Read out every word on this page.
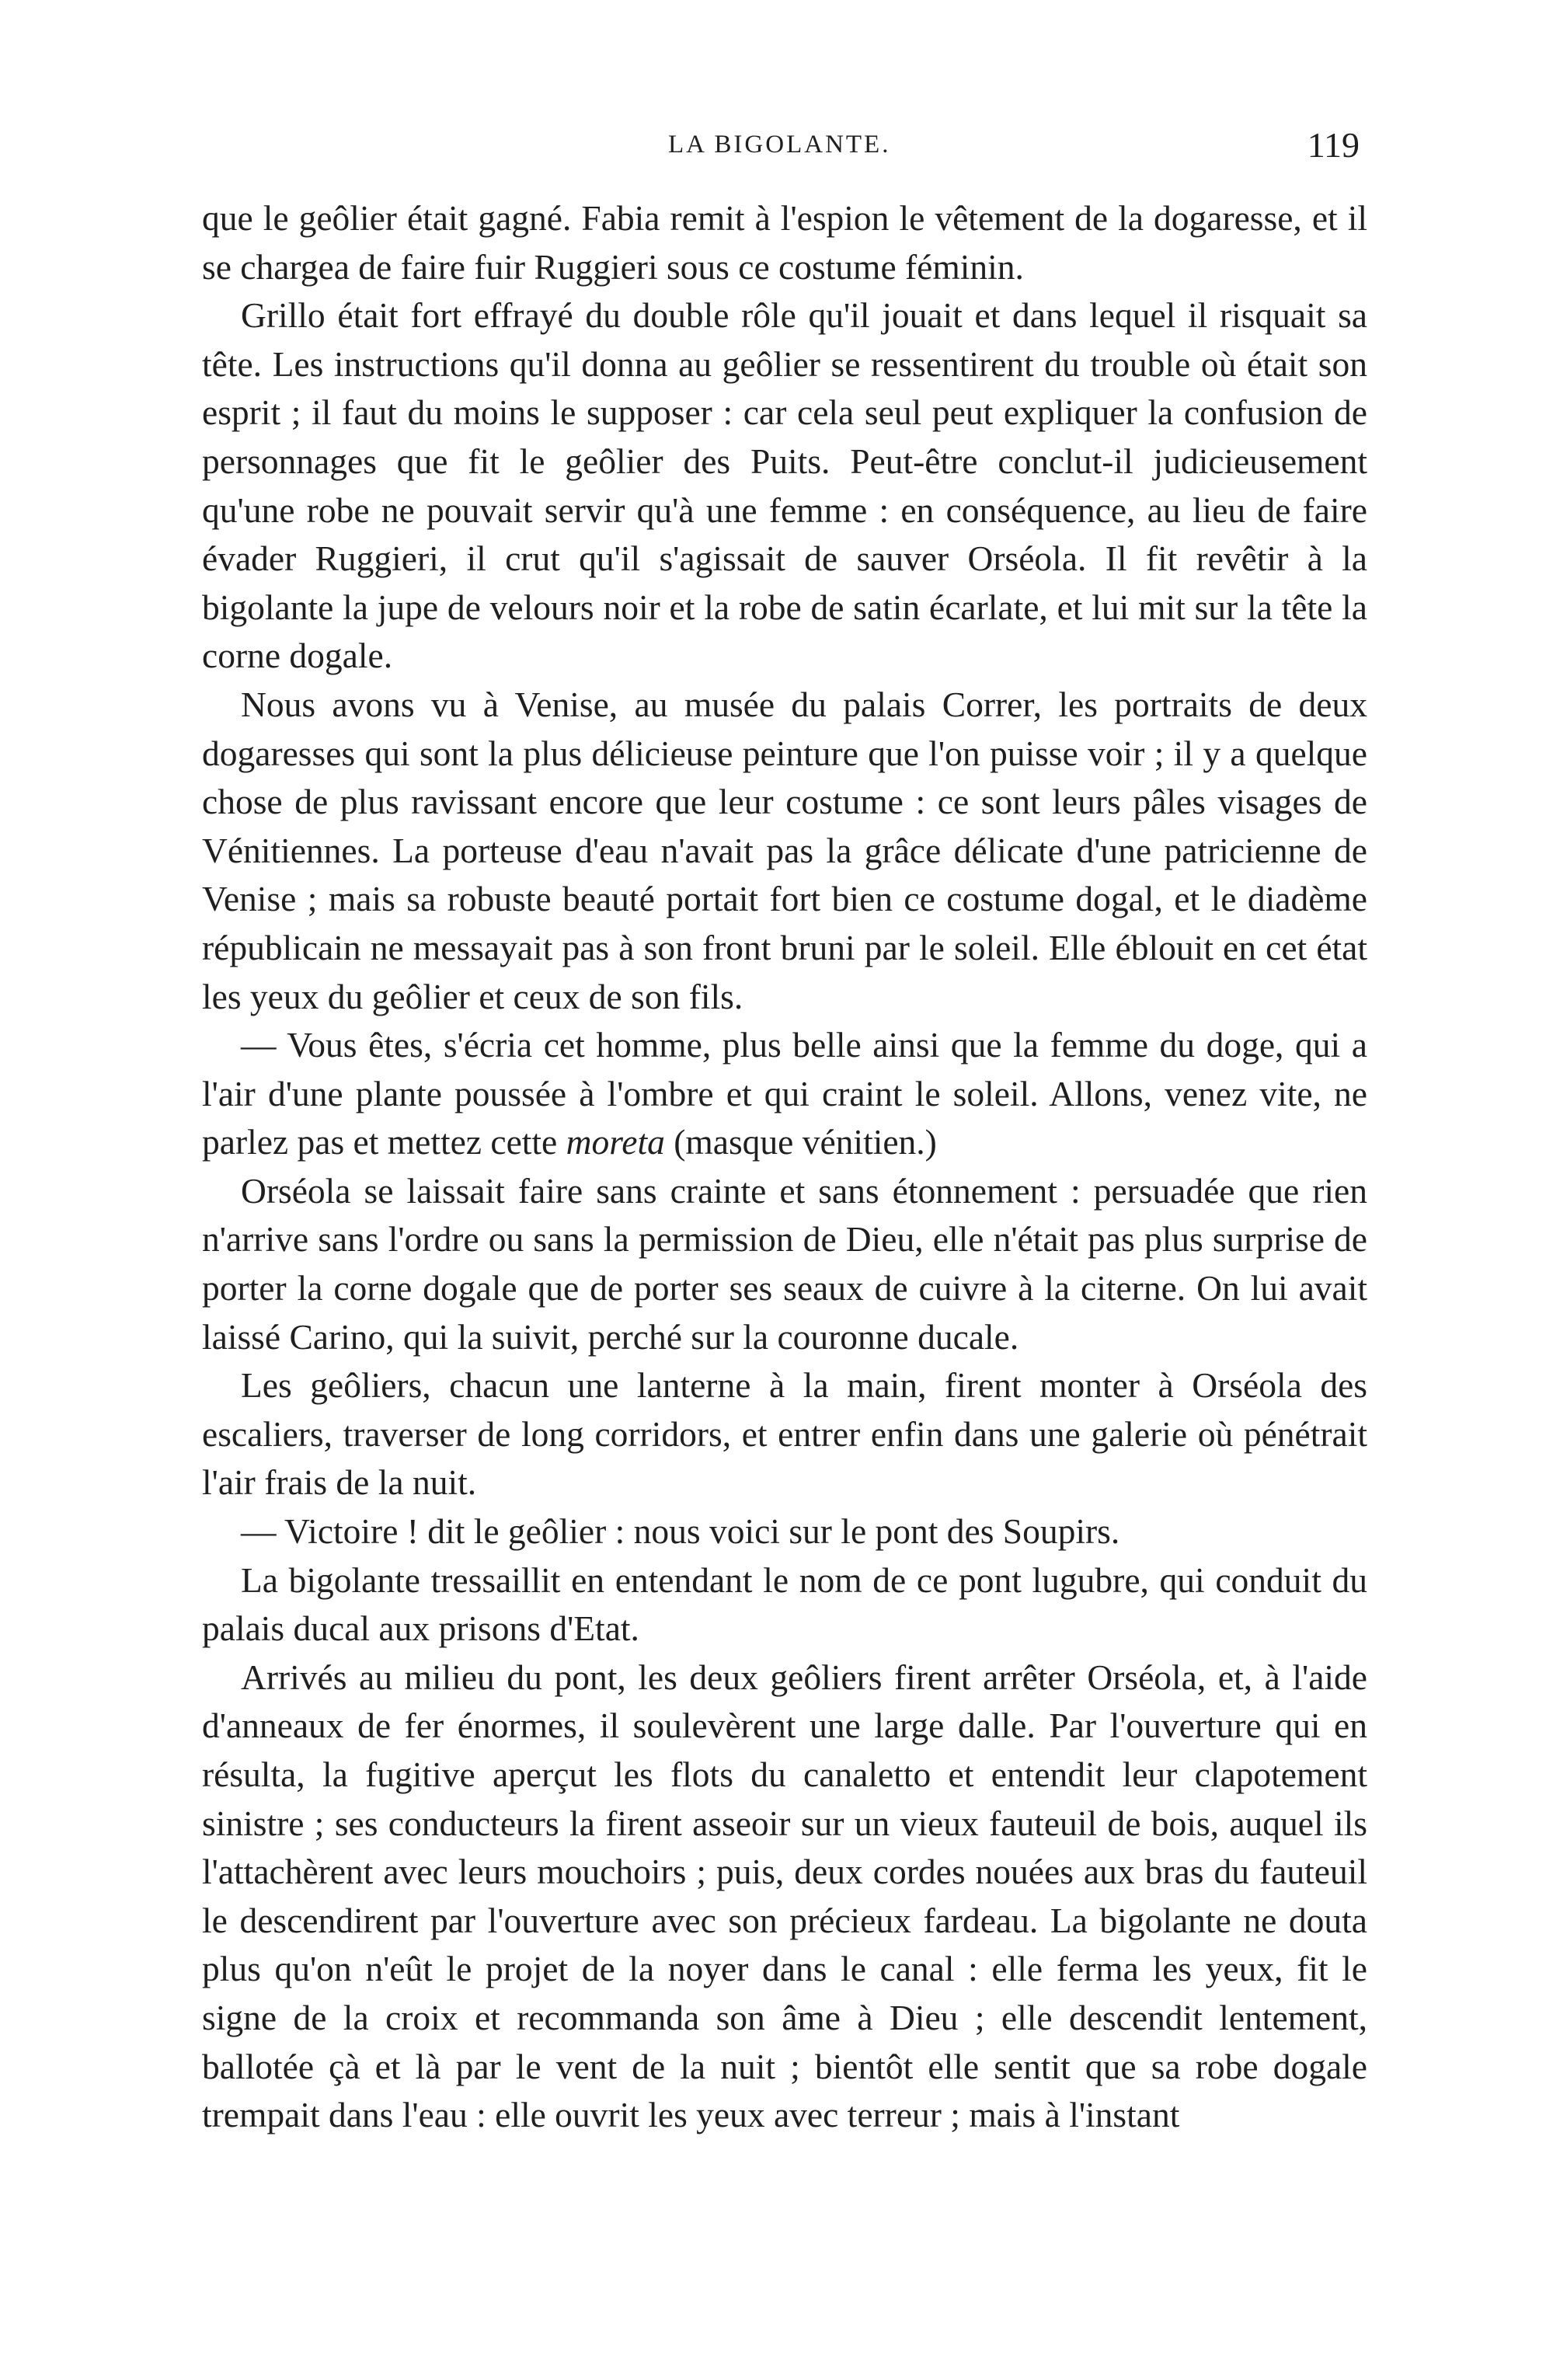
LA BIGOLANTE.	119

que le geôlier était gagné. Fabia remit à l'espion le vêtement de la dogaresse, et il se chargea de faire fuir Ruggieri sous ce costume féminin.

Grillo était fort effrayé du double rôle qu'il jouait et dans lequel il risquait sa tête. Les instructions qu'il donna au geôlier se ressentirent du trouble où était son esprit ; il faut du moins le supposer : car cela seul peut expliquer la confusion de personnages que fit le geôlier des Puits. Peut-être conclut-il judicieusement qu'une robe ne pouvait servir qu'à une femme : en conséquence, au lieu de faire évader Ruggieri, il crut qu'il s'agissait de sauver Orséola. Il fit revêtir à la bigolante la jupe de velours noir et la robe de satin écarlate, et lui mit sur la tête la corne dogale.

Nous avons vu à Venise, au musée du palais Correr, les portraits de deux dogaresses qui sont la plus délicieuse peinture que l'on puisse voir ; il y a quelque chose de plus ravissant encore que leur costume : ce sont leurs pâles visages de Vénitiennes. La porteuse d'eau n'avait pas la grâce délicate d'une patricienne de Venise ; mais sa robuste beauté portait fort bien ce costume dogal, et le diadème républicain ne messayait pas à son front bruni par le soleil. Elle éblouit en cet état les yeux du geôlier et ceux de son fils.

— Vous êtes, s'écria cet homme, plus belle ainsi que la femme du doge, qui a l'air d'une plante poussée à l'ombre et qui craint le soleil. Allons, venez vite, ne parlez pas et mettez cette moreta (masque vénitien.)

Orséola se laissait faire sans crainte et sans étonnement : persuadée que rien n'arrive sans l'ordre ou sans la permission de Dieu, elle n'était pas plus surprise de porter la corne dogale que de porter ses seaux de cuivre à la citerne. On lui avait laissé Carino, qui la suivit, perché sur la couronne ducale.

Les geôliers, chacun une lanterne à la main, firent monter à Orséola des escaliers, traverser de long corridors, et entrer enfin dans une galerie où pénétrait l'air frais de la nuit.

— Victoire ! dit le geôlier : nous voici sur le pont des Soupirs.

La bigolante tressaillit en entendant le nom de ce pont lugubre, qui conduit du palais ducal aux prisons d'Etat.

Arrivés au milieu du pont, les deux geôliers firent arrêter Orséola, et, à l'aide d'anneaux de fer énormes, il soulevèrent une large dalle. Par l'ouverture qui en résulta, la fugitive aperçut les flots du canaletto et entendit leur clapotement sinistre ; ses conducteurs la firent asseoir sur un vieux fauteuil de bois, auquel ils l'attachèrent avec leurs mouchoirs ; puis, deux cordes nouées aux bras du fauteuil le descendirent par l'ouverture avec son précieux fardeau. La bigolante ne douta plus qu'on n'eût le projet de la noyer dans le canal : elle ferma les yeux, fit le signe de la croix et recommanda son âme à Dieu ; elle descendit lentement, ballotée çà et là par le vent de la nuit ; bientôt elle sentit que sa robe dogale trempait dans l'eau : elle ouvrit les yeux avec terreur ; mais à l'instant
